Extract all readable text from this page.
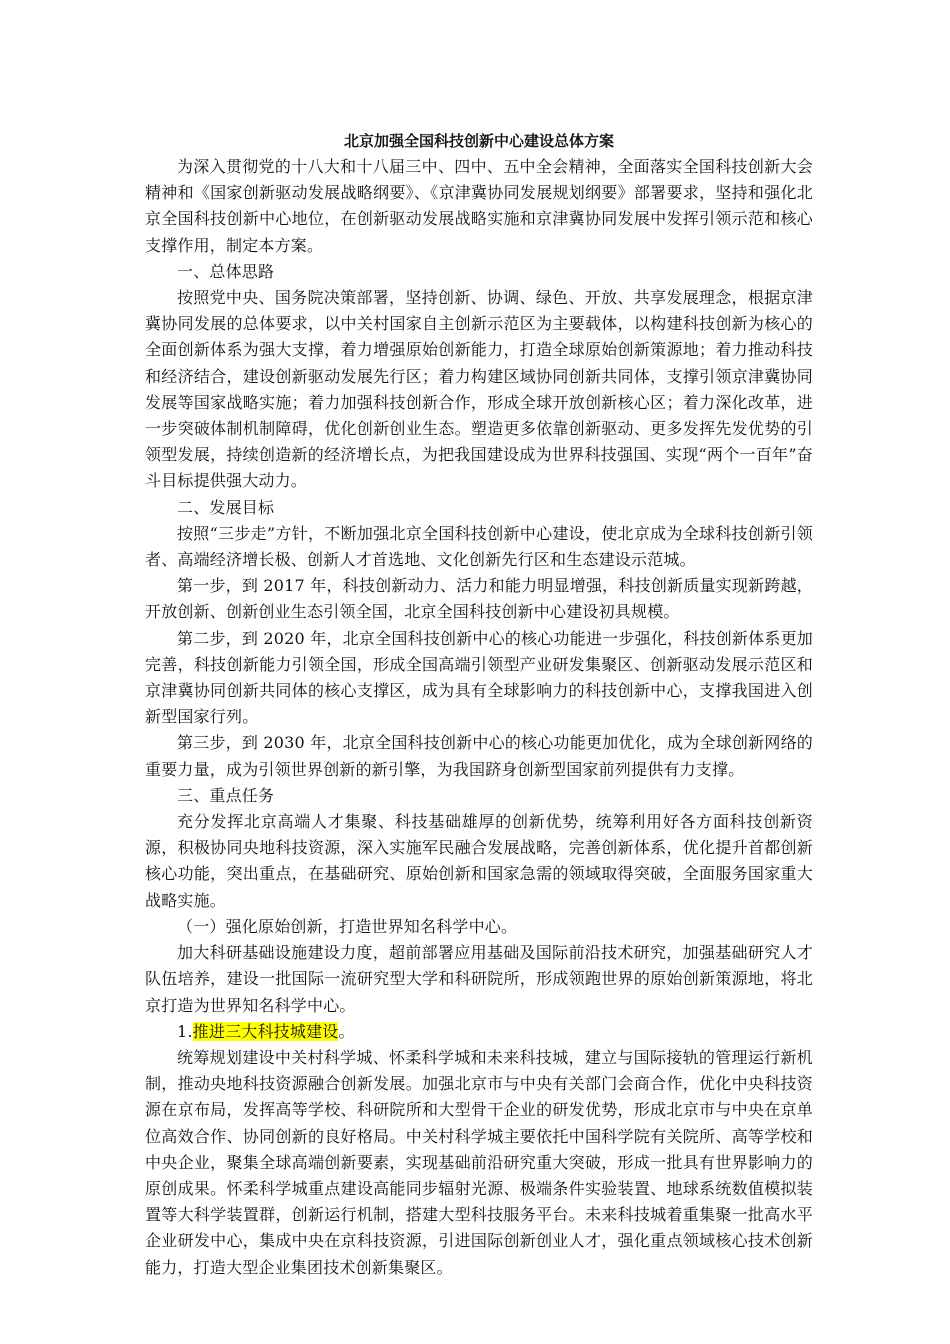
北京加强全国科技创新中心建设总体方案

为深入贯彻党的十八大和十八届三中、四中、五中全会精神，全面落实全国科技创新大会精神和《国家创新驱动发展战略纲要》、《京津冀协同发展规划纲要》部署要求，坚持和强化北京全国科技创新中心地位，在创新驱动发展战略实施和京津冀协同发展中发挥引领示范和核心支撑作用，制定本方案。

一、总体思路

按照党中央、国务院决策部署，坚持创新、协调、绿色、开放、共享发展理念，根据京津冀协同发展的总体要求，以中关村国家自主创新示范区为主要载体，以构建科技创新为核心的全面创新体系为强大支撑，着力增强原始创新能力，打造全球原始创新策源地；着力推动科技和经济结合，建设创新驱动发展先行区；着力构建区域协同创新共同体，支撑引领京津冀协同发展等国家战略实施；着力加强科技创新合作，形成全球开放创新核心区；着力深化改革，进一步突破体制机制障碍，优化创新创业生态。塑造更多依靠创新驱动、更多发挥先发优势的引领型发展，持续创造新的经济增长点，为把我国建设成为世界科技强国、实现“两个一百年”奋斗目标提供强大动力。

二、发展目标

按照“三步走”方针，不断加强北京全国科技创新中心建设，使北京成为全球科技创新引领者、高端经济增长极、创新人才首选地、文化创新先行区和生态建设示范城。

第一步，到 2017 年，科技创新动力、活力和能力明显增强，科技创新质量实现新跨越，开放创新、创新创业生态引领全国，北京全国科技创新中心建设初具规模。

第二步，到 2020 年，北京全国科技创新中心的核心功能进一步强化，科技创新体系更加完善，科技创新能力引领全国，形成全国高端引领型产业研发集聚区、创新驱动发展示范区和京津冀协同创新共同体的核心支撑区，成为具有全球影响力的科技创新中心，支撑我国进入创新型国家行列。

第三步，到 2030 年，北京全国科技创新中心的核心功能更加优化，成为全球创新网络的重要力量，成为引领世界创新的新引擎，为我国跻身创新型国家前列提供有力支撑。

三、重点任务

充分发挥北京高端人才集聚、科技基础雄厚的创新优势，统筹利用好各方面科技创新资源，积极协同央地科技资源，深入实施军民融合发展战略，完善创新体系，优化提升首都创新核心功能，突出重点，在基础研究、原始创新和国家急需的领域取得突破，全面服务国家重大战略实施。

（一）强化原始创新，打造世界知名科学中心。

加大科研基础设施建设力度，超前部署应用基础及国际前沿技术研究，加强基础研究人才队伍培养，建设一批国际一流研究型大学和科研院所，形成领跑世界的原始创新策源地，将北京打造为世界知名科学中心。

1.推进三大科技城建设。

统筹规划建设中关村科学城、怀柔科学城和未来科技城，建立与国际接轨的管理运行新机制，推动央地科技资源融合创新发展。加强北京市与中央有关部门会商合作，优化中央科技资源在京布局，发挥高等学校、科研院所和大型骨干企业的研发优势，形成北京市与中央在京单位高效合作、协同创新的良好格局。中关村科学城主要依托中国科学院有关院所、高等学校和中央企业，聚集全球高端创新要素，实现基础前沿研究重大突破，形成一批具有世界影响力的原创成果。怀柔科学城重点建设高能同步辐射光源、极端条件实验装置、地球系统数值模拟装置等大科学装置群，创新运行机制，搭建大型科技服务平台。未来科技城着重集聚一批高水平企业研发中心，集成中央在京科技资源，引进国际创新创业人才，强化重点领域核心技术创新能力，打造大型企业集团技术创新集聚区。
